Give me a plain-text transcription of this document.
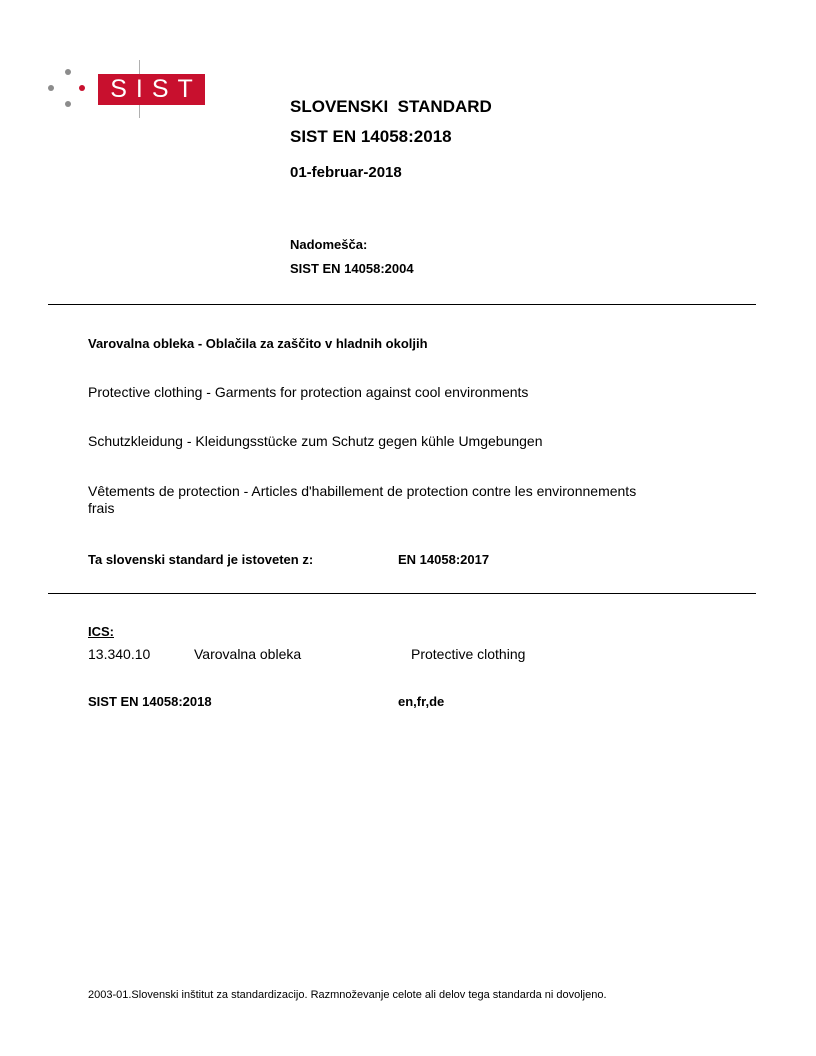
SIST
SLOVENSKI  STANDARD
SIST EN 14058:2018
01-februar-2018
Nadomešča:
SIST EN 14058:2004
Varovalna obleka - Oblačila za zaščito v hladnih okoljih
Protective clothing - Garments for protection against cool environments
Schutzkleidung - Kleidungsstücke zum Schutz gegen kühle Umgebungen
Vêtements de protection - Articles d'habillement de protection contre les environnements
frais
Ta slovenski standard je istoveten z:	EN 14058:2017
ICS:
13.340.10	Varovalna obleka	Protective clothing
SIST EN 14058:2018	en,fr,de
2003-01.Slovenski inštitut za standardizacijo. Razmnoževanje celote ali delov tega standarda ni dovoljeno.
